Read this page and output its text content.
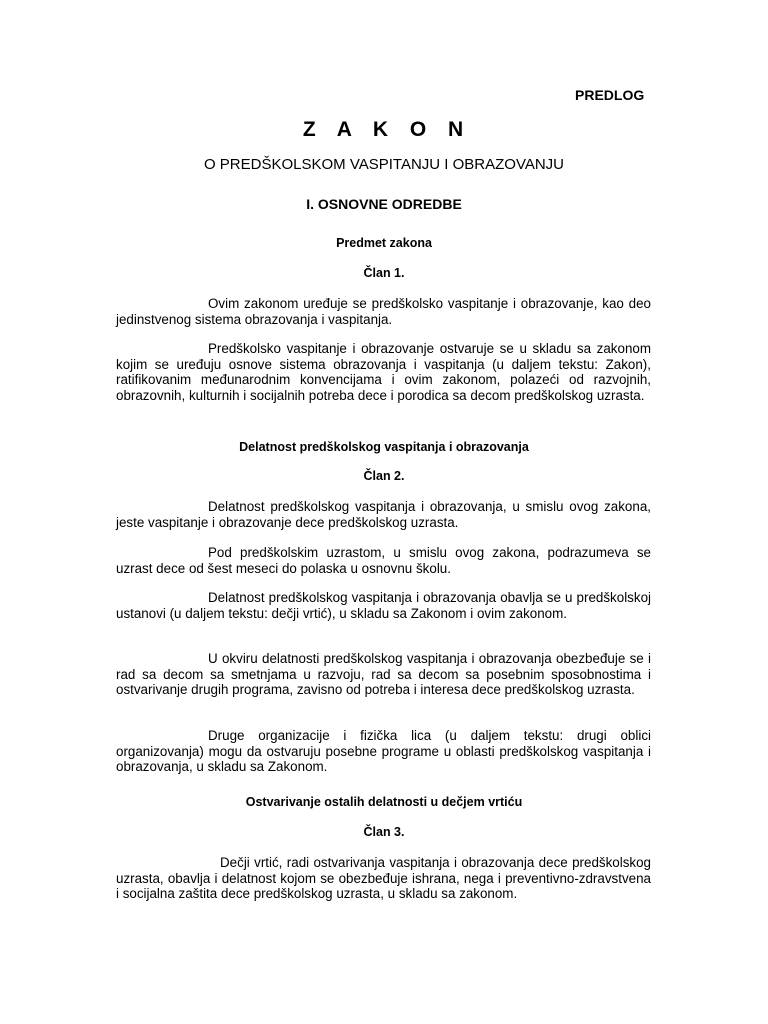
PREDLOG
Z A K O N
O PREDŠKOLSKOM VASPITANJU I OBRAZOVANJU
I. OSNOVNE ODREDBE
Predmet zakona
Član 1.

Ovim zakonom uređuje se predškolsko vaspitanje i obrazovanje, kao deo jedinstvenog sistema obrazovanja i vaspitanja.

Predškolsko vaspitanje i obrazovanje ostvaruje se u skladu sa zakonom kojim se uređuju osnove sistema obrazovanja i vaspitanja (u daljem tekstu: Zakon), ratifikovanim međunarodnim konvencijama i ovim zakonom, polazeći od razvojnih, obrazovnih, kulturnih i socijalnih potreba dece i porodica sa decom predškolskog uzrasta.

Delatnost predškolskog vaspitanja i obrazovanja
Član 2.

Delatnost predškolskog vaspitanja i obrazovanja, u smislu ovog zakona, jeste vaspitanje i obrazovanje dece predškolskog uzrasta.

Pod predškolskim uzrastom, u smislu ovog zakona, podrazumeva se uzrast dece od šest meseci do polaska u osnovnu školu.

Delatnost predškolskog vaspitanja i obrazovanja obavlja se u predškolskoj ustanovi (u daljem tekstu: dečji vrtić), u skladu sa Zakonom i ovim zakonom.

U okviru delatnosti predškolskog vaspitanja i obrazovanja obezbeđuje se i rad sa decom sa smetnjama u razvoju, rad sa decom sa posebnim sposobnostima i ostvarivanje drugih programa, zavisno od potreba i interesa dece predškolskog uzrasta.

Druge organizacije i fizička lica (u daljem tekstu: drugi oblici organizovanja) mogu da ostvaruju posebne programe u oblasti predškolskog vaspitanja i obrazovanja, u skladu sa Zakonom.

Ostvarivanje ostalih delatnosti u dečjem vrtiću
Član 3.

Dečji vrtić, radi ostvarivanja vaspitanja i obrazovanja dece predškolskog uzrasta, obavlja i delatnost kojom se obezbeđuje ishrana, nega i preventivno-zdravstvena i socijalna zaštita dece predškolskog uzrasta, u skladu sa zakonom.
